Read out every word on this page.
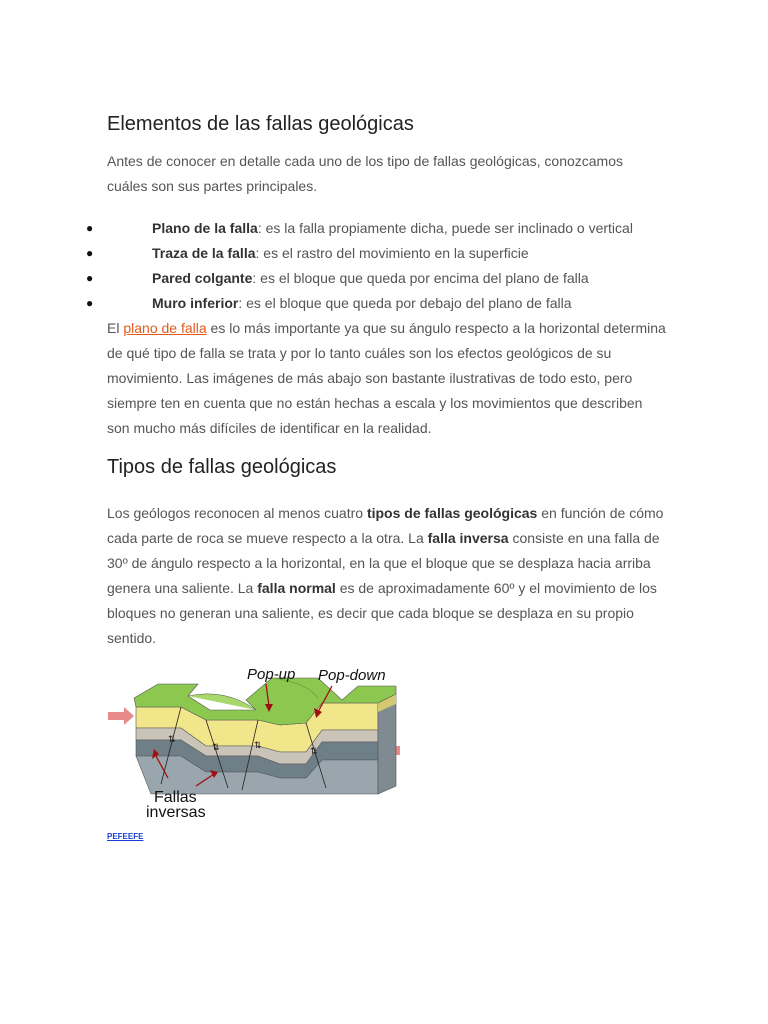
Elementos de las fallas geológicas

Antes de conocer en detalle cada uno de los tipo de fallas geológicas, conozcamos cuáles son sus partes principales.

●	Plano de la falla: es la falla propiamente dicha, puede ser inclinado o vertical
●	Traza de la falla: es el rastro del movimiento en la superficie
●	Pared colgante: es el bloque que queda por encima del plano de falla
●	Muro inferior: es el bloque que queda por debajo del plano de falla

El plano de falla es lo más importante ya que su ángulo respecto a la horizontal determina de qué tipo de falla se trata y por lo tanto cuáles son los efectos geológicos de su movimiento. Las imágenes de más abajo son bastante ilustrativas de todo esto, pero siempre ten en cuenta que no están hechas a escala y los movimientos que describen son mucho más difíciles de identificar en la realidad.

Tipos de fallas geológicas

Los geólogos reconocen al menos cuatro tipos de fallas geológicas en función de cómo cada parte de roca se mueve respecto a la otra. La falla inversa consiste en una falla de 30º de ángulo respecto a la horizontal, en la que el bloque que se desplaza hacia arriba genera una saliente. La falla normal es de aproximadamente 60º y el movimiento de los bloques no generan una saliente, es decir que cada bloque se desplaza en su propio sentido.

⇅
⇅	⇅
⇅
Pop-up Pop-down
Fallas
inversas
PEFEEFE
